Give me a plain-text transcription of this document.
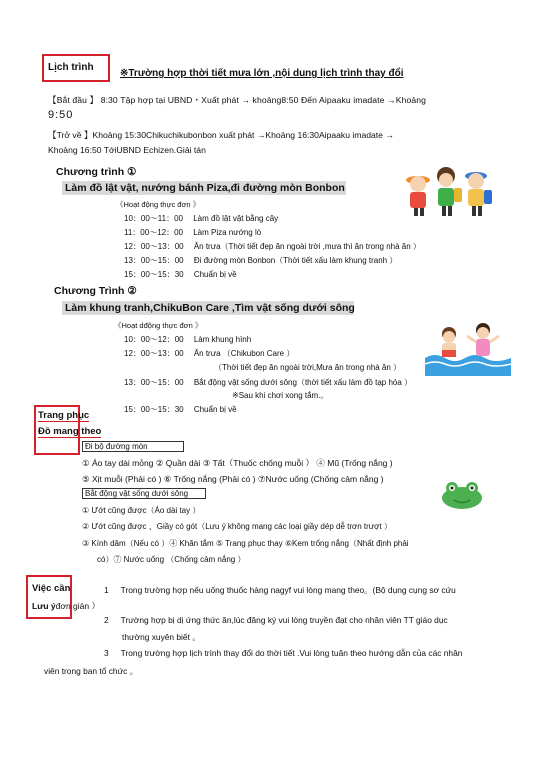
Lịch trình
※Trường hợp thời tiết mưa lớn ,nội dung lịch trình thay đổi
【Bắt đầu 】 8:30 Tập hợp tại UBND・Xuất phát → khoảng8:50 Đến Aipaaku imadate →Khoảng
9:50
【Trở về 】Khoảng 15:30Chikuchikubonbon xuất phát →Khoảng 16:30Aipaaku imadate →
Khoảng 16:50 TớiUBND Echizen.Giải tán
Chương trình ①
Làm đồ lật vật, nướng bánh Piza,đi đường mòn Bonbon
《Hoạt động thực đơn 》
10：00～11：00 Làm đồ lật vật bằng cây
11：00～12：00 Làm Piza nướng lò
12：00～13：00 Ăn trưa（Thời tiết đẹp ăn ngoài trời ,mưa thì ăn trong nhà ăn ）
13：00～15：00 Đi đường mòn Bonbon（Thời tiết xấu làm khung tranh ）
15：00～15：30 Chuẩn bị về
Chương Trình ②
Làm khung tranh,ChikuBon Care ,Tìm vật sống dưới sông
《Hoạt dđộng thực đơn 》
10：00～12：00 Làm khung hình
12：00～13：00 Ăn trưa （Chikubon Care ）
（Thời tiết đẹp ăn ngoài trời,Mưa ăn trong nhà ăn ）
13：00～15：00 Bắt động vật sống dưới sông（thời tiết xấu làm đồ tạp hóa ）
※Sau khi chơi xong tắm.。
15：00～15：30 Chuẩn bị về
Trang phục
Đồ mang theo
Đi bộ đường mòn
① Áo tay dài mỏng ② Quần dài ③ Tất（Thuốc chống muỗi ） ④ Mũ (Trống nắng )
⑤ Xịt muỗi (Phải có ) ⑥ Trống nắng (Phải có ) ⑦Nước uống (Chống cảm nắng )
Bắt động vật sống dưới sông
① Ướt cũng được（Áo dài tay ）
② Ướt cũng được 、Giầy có gót（Lưu ý không mang các loại giầy dép dễ trơn trượt ）
③ Kính dâm（Nếu có ）④ Khăn tắm ⑤ Trang phục thay ⑥Kem trống nắng（Nhất định phải
có）⑦ Nước uống （Chống cảm nắng ）
Việc cần
Lưu ýđơn giản ）
1 Trong trường hợp nếu uống thuốc hàng nagyf vui lòng mang theo。(Bộ dụng cụng sơ cứu
2 Trường hợp bị dị ứng thức ăn,lúc đăng ký vui lòng truyền đạt cho nhân viên TT giáo dục
thường xuyên biết 。
3 Trong trường hợp lịch trình thay đổi do thời tiết .Vui lòng tuân theo hướng dẫn của các nhân
viên trong ban tổ chức 。
